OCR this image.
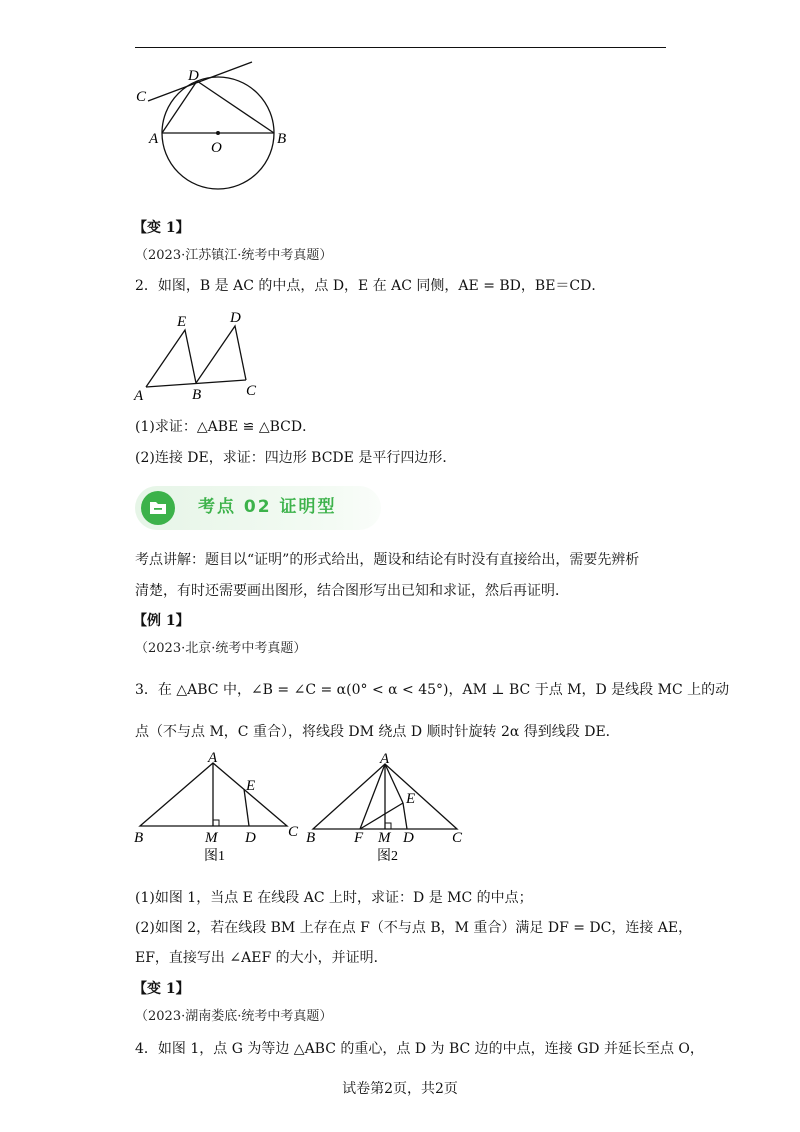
C
D
A
O
B
【变 1】
（2023·江苏镇江·统考中考真题）
2．如图，B 是 AC 的中点，点 D，E 在 AC 同侧，AE = BD，BE＝CD．
E	D
A	B	C
(1)求证：△ABE ≌ △BCD．
(2)连接 DE，求证：四边形 BCDE 是平行四边形．
考点 02 证明型
考点讲解：题目以“证明”的形式给出，题设和结论有时没有直接给出，需要先辨析
清楚，有时还需要画出图形，结合图形写出已知和求证，然后再证明．
【例 1】
（2023·北京·统考中考真题）
3．在 △ABC 中，∠B = ∠C = α(0° < α < 45°)，AM ⊥ BC 于点 M，D 是线段 MC 上的动
点（不与点 M，C 重合），将线段 DM 绕点 D 顺时针旋转 2α 得到线段 DE．
A
E
B	M D C
图1
A
E
B	F M D	C
图2
(1)如图 1，当点 E 在线段 AC 上时，求证：D 是 MC 的中点；
(2)如图 2，若在线段 BM 上存在点 F（不与点 B，M 重合）满足 DF = DC，连接 AE，
EF，直接写出 ∠AEF 的大小，并证明．
【变 1】
（2023·湖南娄底·统考中考真题）
4．如图 1，点 G 为等边 △ABC 的重心，点 D 为 BC 边的中点，连接 GD 并延长至点 O，
试卷第2页，共2页
